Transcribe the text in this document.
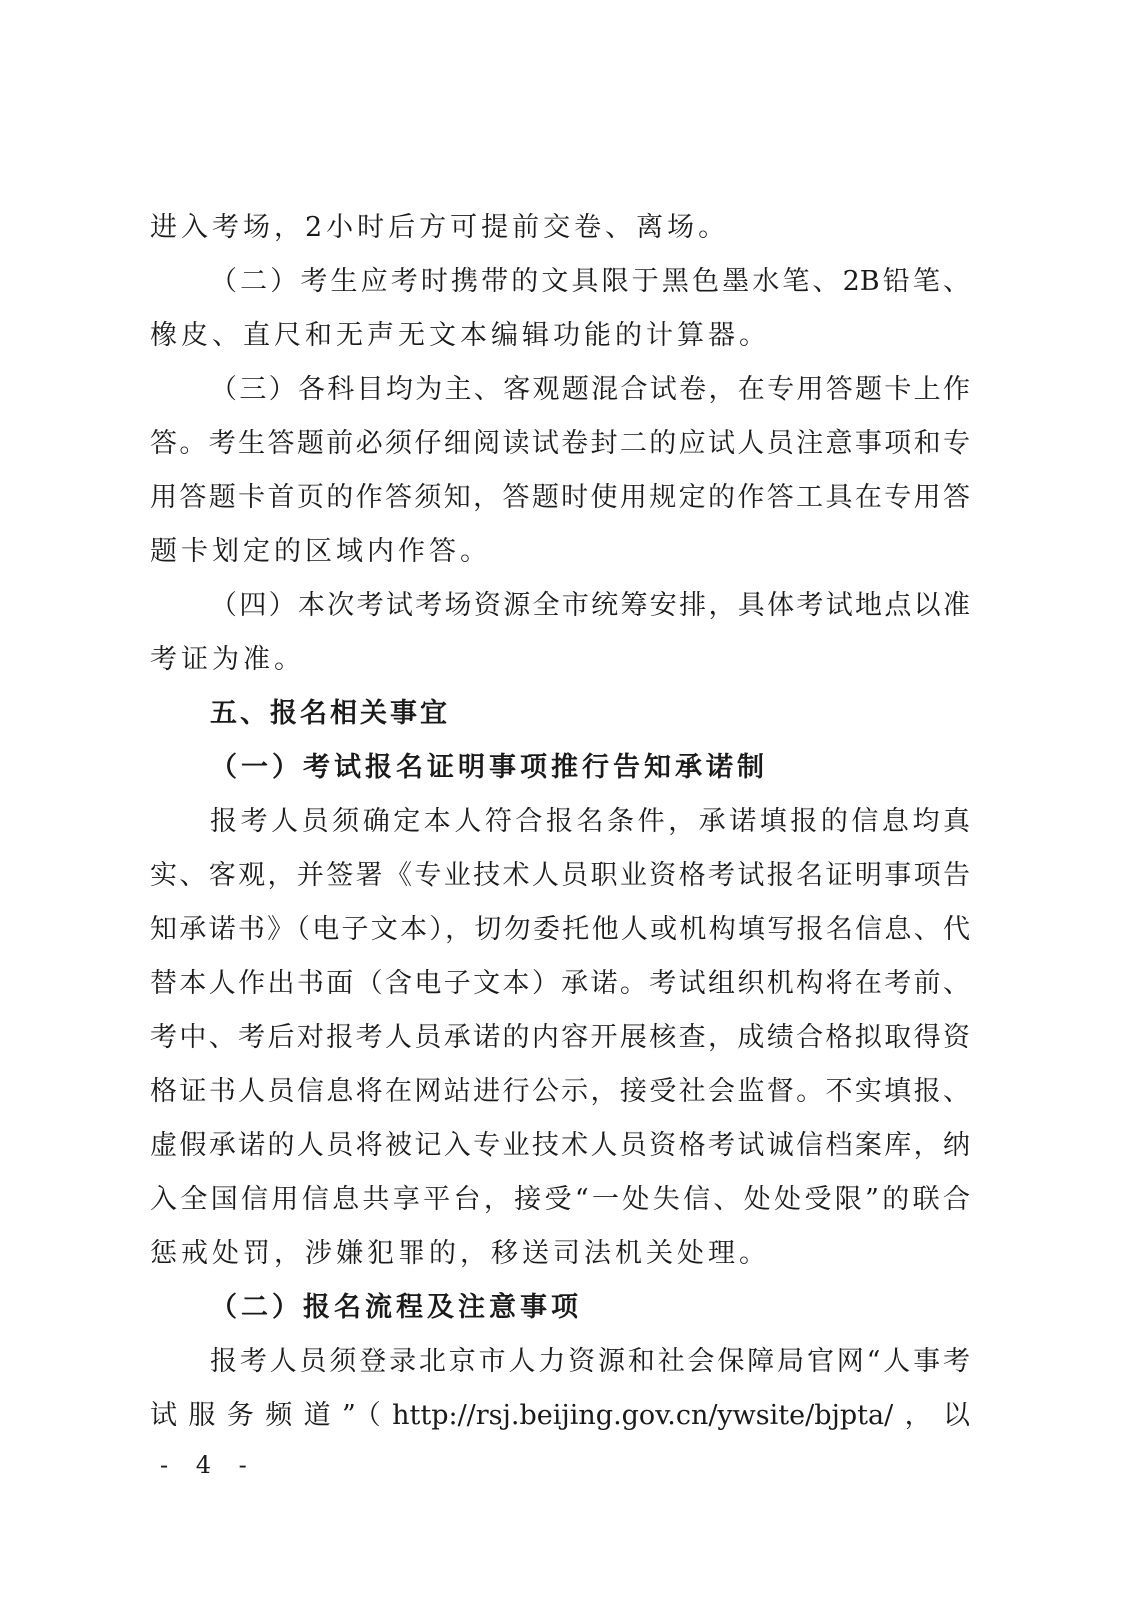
进入考场，2小时后方可提前交卷、离场。
（二）考生应考时携带的文具限于黑色墨水笔、2B铅笔、
橡皮、直尺和无声无文本编辑功能的计算器。
（三）各科目均为主、客观题混合试卷，在专用答题卡上作
答。考生答题前必须仔细阅读试卷封二的应试人员注意事项和专
用答题卡首页的作答须知，答题时使用规定的作答工具在专用答
题卡划定的区域内作答。
（四）本次考试考场资源全市统筹安排，具体考试地点以准
考证为准。
五、报名相关事宜
（一）考试报名证明事项推行告知承诺制
报考人员须确定本人符合报名条件，承诺填报的信息均真
实、客观，并签署《专业技术人员职业资格考试报名证明事项告
知承诺书》（电子文本），切勿委托他人或机构填写报名信息、代
替本人作出书面（含电子文本）承诺。考试组织机构将在考前、
考中、考后对报考人员承诺的内容开展核查，成绩合格拟取得资
格证书人员信息将在网站进行公示，接受社会监督。不实填报、
虚假承诺的人员将被记入专业技术人员资格考试诚信档案库，纳
入全国信用信息共享平台，接受“一处失信、处处受限”的联合
惩戒处罚，涉嫌犯罪的，移送司法机关处理。
（二）报名流程及注意事项
报考人员须登录北京市人力资源和社会保障局官网“人事考
试服务频道”（http://rsj.beijing.gov.cn/ywsite/bjpta/，以
- 4 -
